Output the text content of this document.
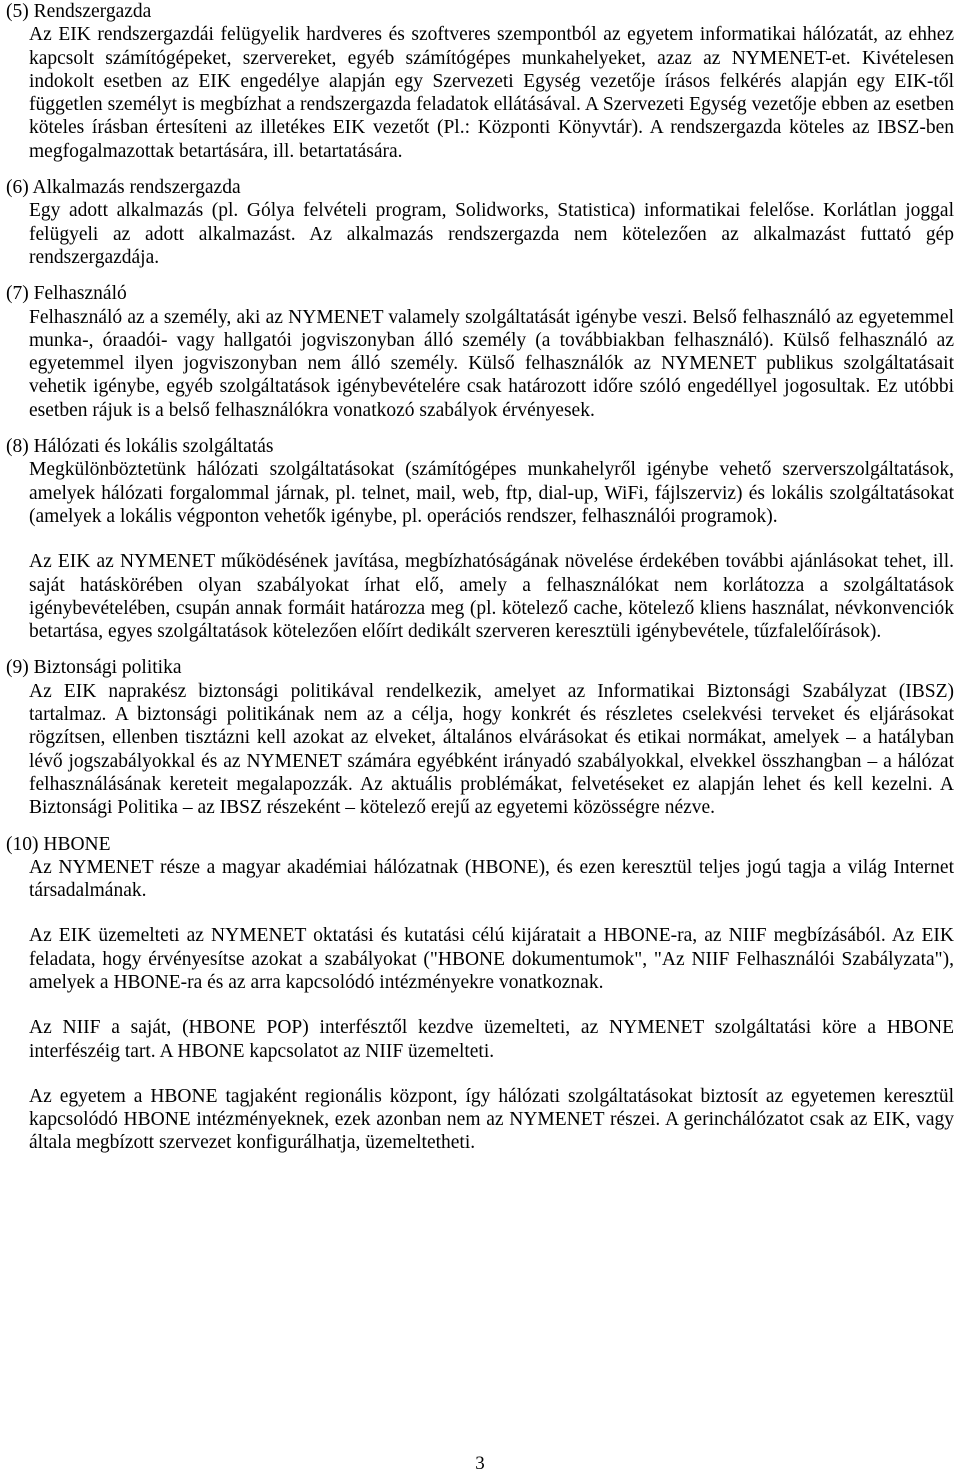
(5) Rendszergazda

Az EIK rendszergazdái felügyelik hardveres és szoftveres szempontból az egyetem informatikai hálózatát, az ehhez kapcsolt számítógépeket, szervereket, egyéb számítógépes munkahelyeket, azaz az NYMENET-et. Kivételesen indokolt esetben az EIK engedélye alapján egy Szervezeti Egység vezetője írásos felkérés alapján egy EIK-től független személyt is megbízhat a rendszergazda feladatok ellátásával. A Szervezeti Egység vezetője ebben az esetben köteles írásban értesíteni az illetékes EIK vezetőt (Pl.: Központi Könyvtár). A rendszergazda köteles az IBSZ-ben megfogalmazottak betartására, ill. betartatására.

(6) Alkalmazás rendszergazda

Egy adott alkalmazás (pl. Gólya felvételi program, Solidworks, Statistica) informatikai felelőse. Korlátlan joggal felügyeli az adott alkalmazást. Az alkalmazás rendszergazda nem kötelezően az alkalmazást futtató gép rendszergazdája.

(7) Felhasználó

Felhasználó az a személy, aki az NYMENET valamely szolgáltatását igénybe veszi. Belső felhasználó az egyetemmel munka-, óraadói- vagy hallgatói jogviszonyban álló személy (a továbbiakban felhasználó). Külső felhasználó az egyetemmel ilyen jogviszonyban nem álló személy. Külső felhasználók az NYMENET publikus szolgáltatásait vehetik igénybe, egyéb szolgáltatások igénybevételére csak határozott időre szóló engedéllyel jogosultak. Ez utóbbi esetben rájuk is a belső felhasználókra vonatkozó szabályok érvényesek.

(8) Hálózati és lokális szolgáltatás

Megkülönböztetünk hálózati szolgáltatásokat (számítógépes munkahelyről igénybe vehető szerverszolgáltatások, amelyek hálózati forgalommal járnak, pl. telnet, mail, web, ftp, dial-up, WiFi, fájlszerviz) és lokális szolgáltatásokat (amelyek a lokális végponton vehetők igénybe, pl. operációs rendszer, felhasználói programok).

Az EIK az NYMENET működésének javítása, megbízhatóságának növelése érdekében további ajánlásokat tehet, ill. saját hatáskörében olyan szabályokat írhat elő, amely a felhasználókat nem korlátozza a szolgáltatások igénybevételében, csupán annak formáit határozza meg (pl. kötelező cache, kötelező kliens használat, névkonvenciók betartása, egyes szolgáltatások kötelezően előírt dedikált szerveren keresztüli igénybevétele, tűzfalelőírások).

(9) Biztonsági politika

Az EIK naprakész biztonsági politikával rendelkezik, amelyet az Informatikai Biztonsági Szabályzat (IBSZ) tartalmaz. A biztonsági politikának nem az a célja, hogy konkrét és részletes cselekvési terveket és eljárásokat rögzítsen, ellenben tisztázni kell azokat az elveket, általános elvárásokat és etikai normákat, amelyek – a hatályban lévő jogszabályokkal és az NYMENET számára egyébként irányadó szabályokkal, elvekkel összhangban – a hálózat felhasználásának kereteit megalapozzák. Az aktuális problémákat, felvetéseket ez alapján lehet és kell kezelni. A Biztonsági Politika – az IBSZ részeként – kötelező erejű az egyetemi közösségre nézve.

(10) HBONE

Az NYMENET része a magyar akadémiai hálózatnak (HBONE), és ezen keresztül teljes jogú tagja a világ Internet társadalmának.

Az EIK üzemelteti az NYMENET oktatási és kutatási célú kijáratait a HBONE-ra, az NIIF megbízásából. Az EIK feladata, hogy érvényesítse azokat a szabályokat ("HBONE dokumentumok", "Az NIIF Felhasználói Szabályzata"), amelyek a HBONE-ra és az arra kapcsolódó intézményekre vonatkoznak.

Az NIIF a saját, (HBONE POP) interfésztől kezdve üzemelteti, az NYMENET szolgáltatási köre a HBONE interfészéig tart. A HBONE kapcsolatot az NIIF üzemelteti.

Az egyetem a HBONE tagjaként regionális központ, így hálózati szolgáltatásokat biztosít az egyetemen keresztül kapcsolódó HBONE intézményeknek, ezek azonban nem az NYMENET részei. A gerinchálózatot csak az EIK, vagy általa megbízott szervezet konfigurálhatja, üzemeltetheti.

3
